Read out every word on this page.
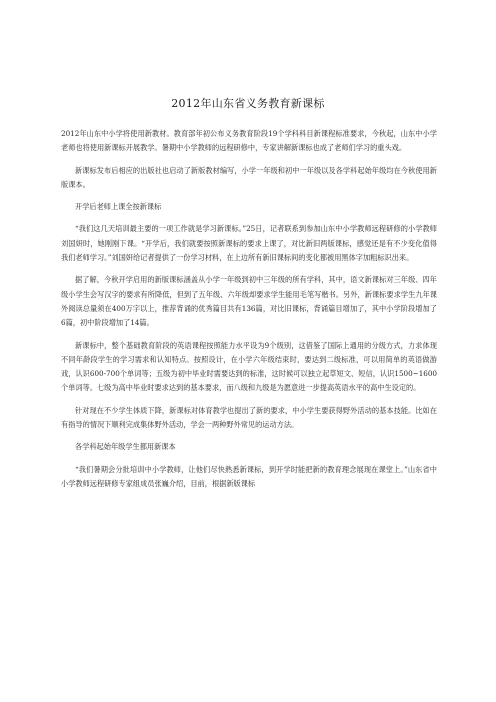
2012年山东省义务教育新课标

2012年山东中小学将使用新教材。教育部年初公布义务教育阶段19个学科科目新课程标准要求，今秋起，山东中小学老师也将使用新课标开展教学。暑期中小学教师的远程研修中，专家讲解新课标也成了老师们学习的重头戏。

新课标发布后相应的出版社也启动了新版教材编写，小学一年级和初中一年级以及各学科起始年级均在今秋使用新版课本。

开学后老师上课全按新课标

“我们这几天培训最主要的一项工作就是学习新课标。”25日，记者联系到参加山东中小学教师远程研修的小学教师刘国妍时，她刚刚下课。“开学后，我们就要按照新课标的要求上课了，对比新旧两版课标，感觉还是有不少变化值得我们老师学习。”刘国妍给记者提供了一份学习材料，在上边所有新旧课标间的变化都被用黑体字加粗标识出来。

据了解，今秋开学启用的新版课标涵盖从小学一年级到初中三年级的所有学科，其中，语文新课标对三年级、四年级小学生会写汉字的要求有所降低，但到了五年级、六年级却要求学生能用毛笔写楷书。另外，新课标要求学生九年课外阅读总量须在400万字以上，推荐背诵的优秀篇目共有136篇，对比旧课标，背诵篇目增加了，其中小学阶段增加了6篇，初中阶段增加了14篇。

新课标中，整个基础教育阶段的英语课程按照能力水平设为9个级别，这借鉴了国际上通用的分级方式，力求体现不同年龄段学生的学习需求和认知特点。按照设计，在小学六年级结束时，要达到二级标准，可以用简单的英语做游戏，认识600-700个单词等；五级为初中毕业时需要达到的标准，这时候可以独立起草短文、短信，认识1500~1600个单词等。七级为高中毕业时要求达到的基本要求，而八级和九级是为愿意进一步提高英语水平的高中生设定的。

针对现在不少学生体质下降，新课标对体育教学也提出了新的要求，中小学生要获得野外活动的基本技能。比如在有指导的情况下顺利完成集体野外活动，学会一两种野外常见的运动方法。

各学科起始年级学生都用新课本

“我们暑期会分批培训中小学教师，让他们尽快熟悉新课标，到开学时能把新的教育理念展现在课堂上。”山东省中小学教师远程研修专家组成员张巍介绍，目前，根据新版课标
